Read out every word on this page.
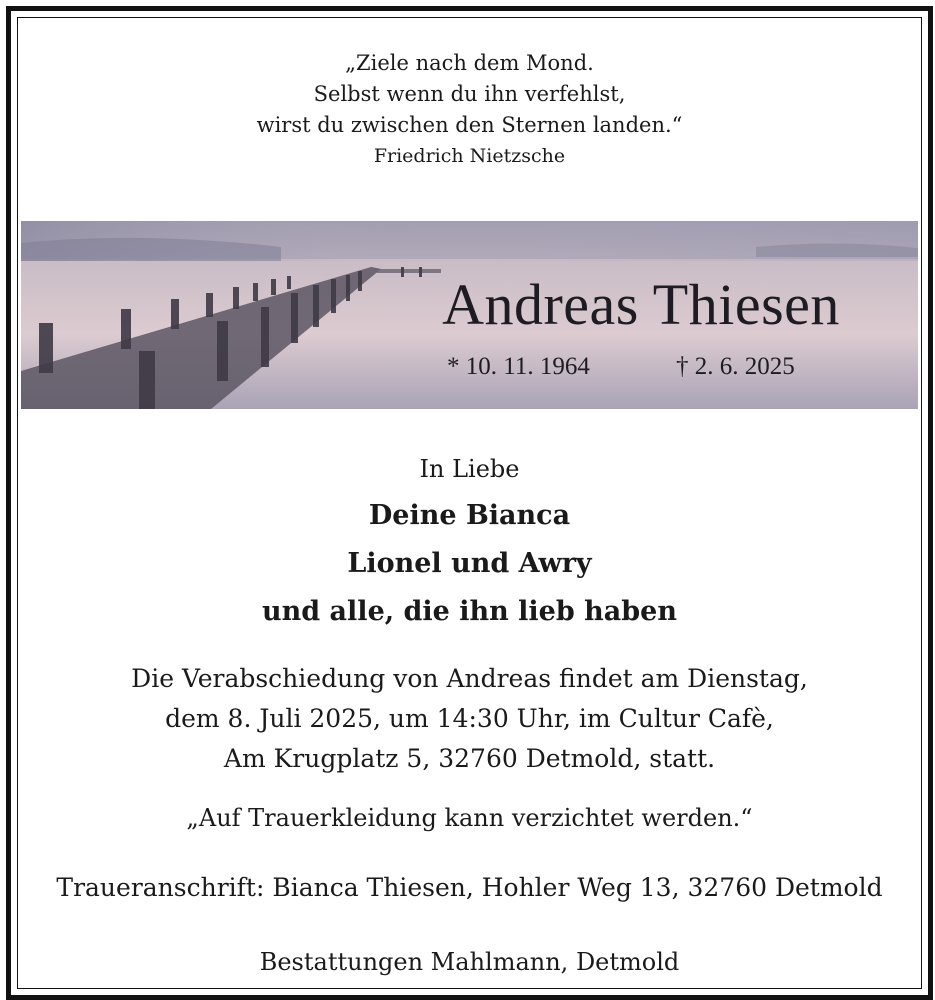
„Ziele nach dem Mond.
Selbst wenn du ihn verfehlst,
wirst du zwischen den Sternen landen.“
Friedrich Nietzsche
Andreas Thiesen
* 10. 11. 1964	† 2. 6. 2025
In Liebe
Deine Bianca
Lionel und Awry
und alle, die ihn lieb haben
Die Verabschiedung von Andreas findet am Dienstag,
dem 8. Juli 2025, um 14:30 Uhr, im Cultur Cafè,
Am Krugplatz 5, 32760 Detmold, statt.
„Auf Trauerkleidung kann verzichtet werden.“
Traueranschrift: Bianca Thiesen, Hohler Weg 13, 32760 Detmold
Bestattungen Mahlmann, Detmold
